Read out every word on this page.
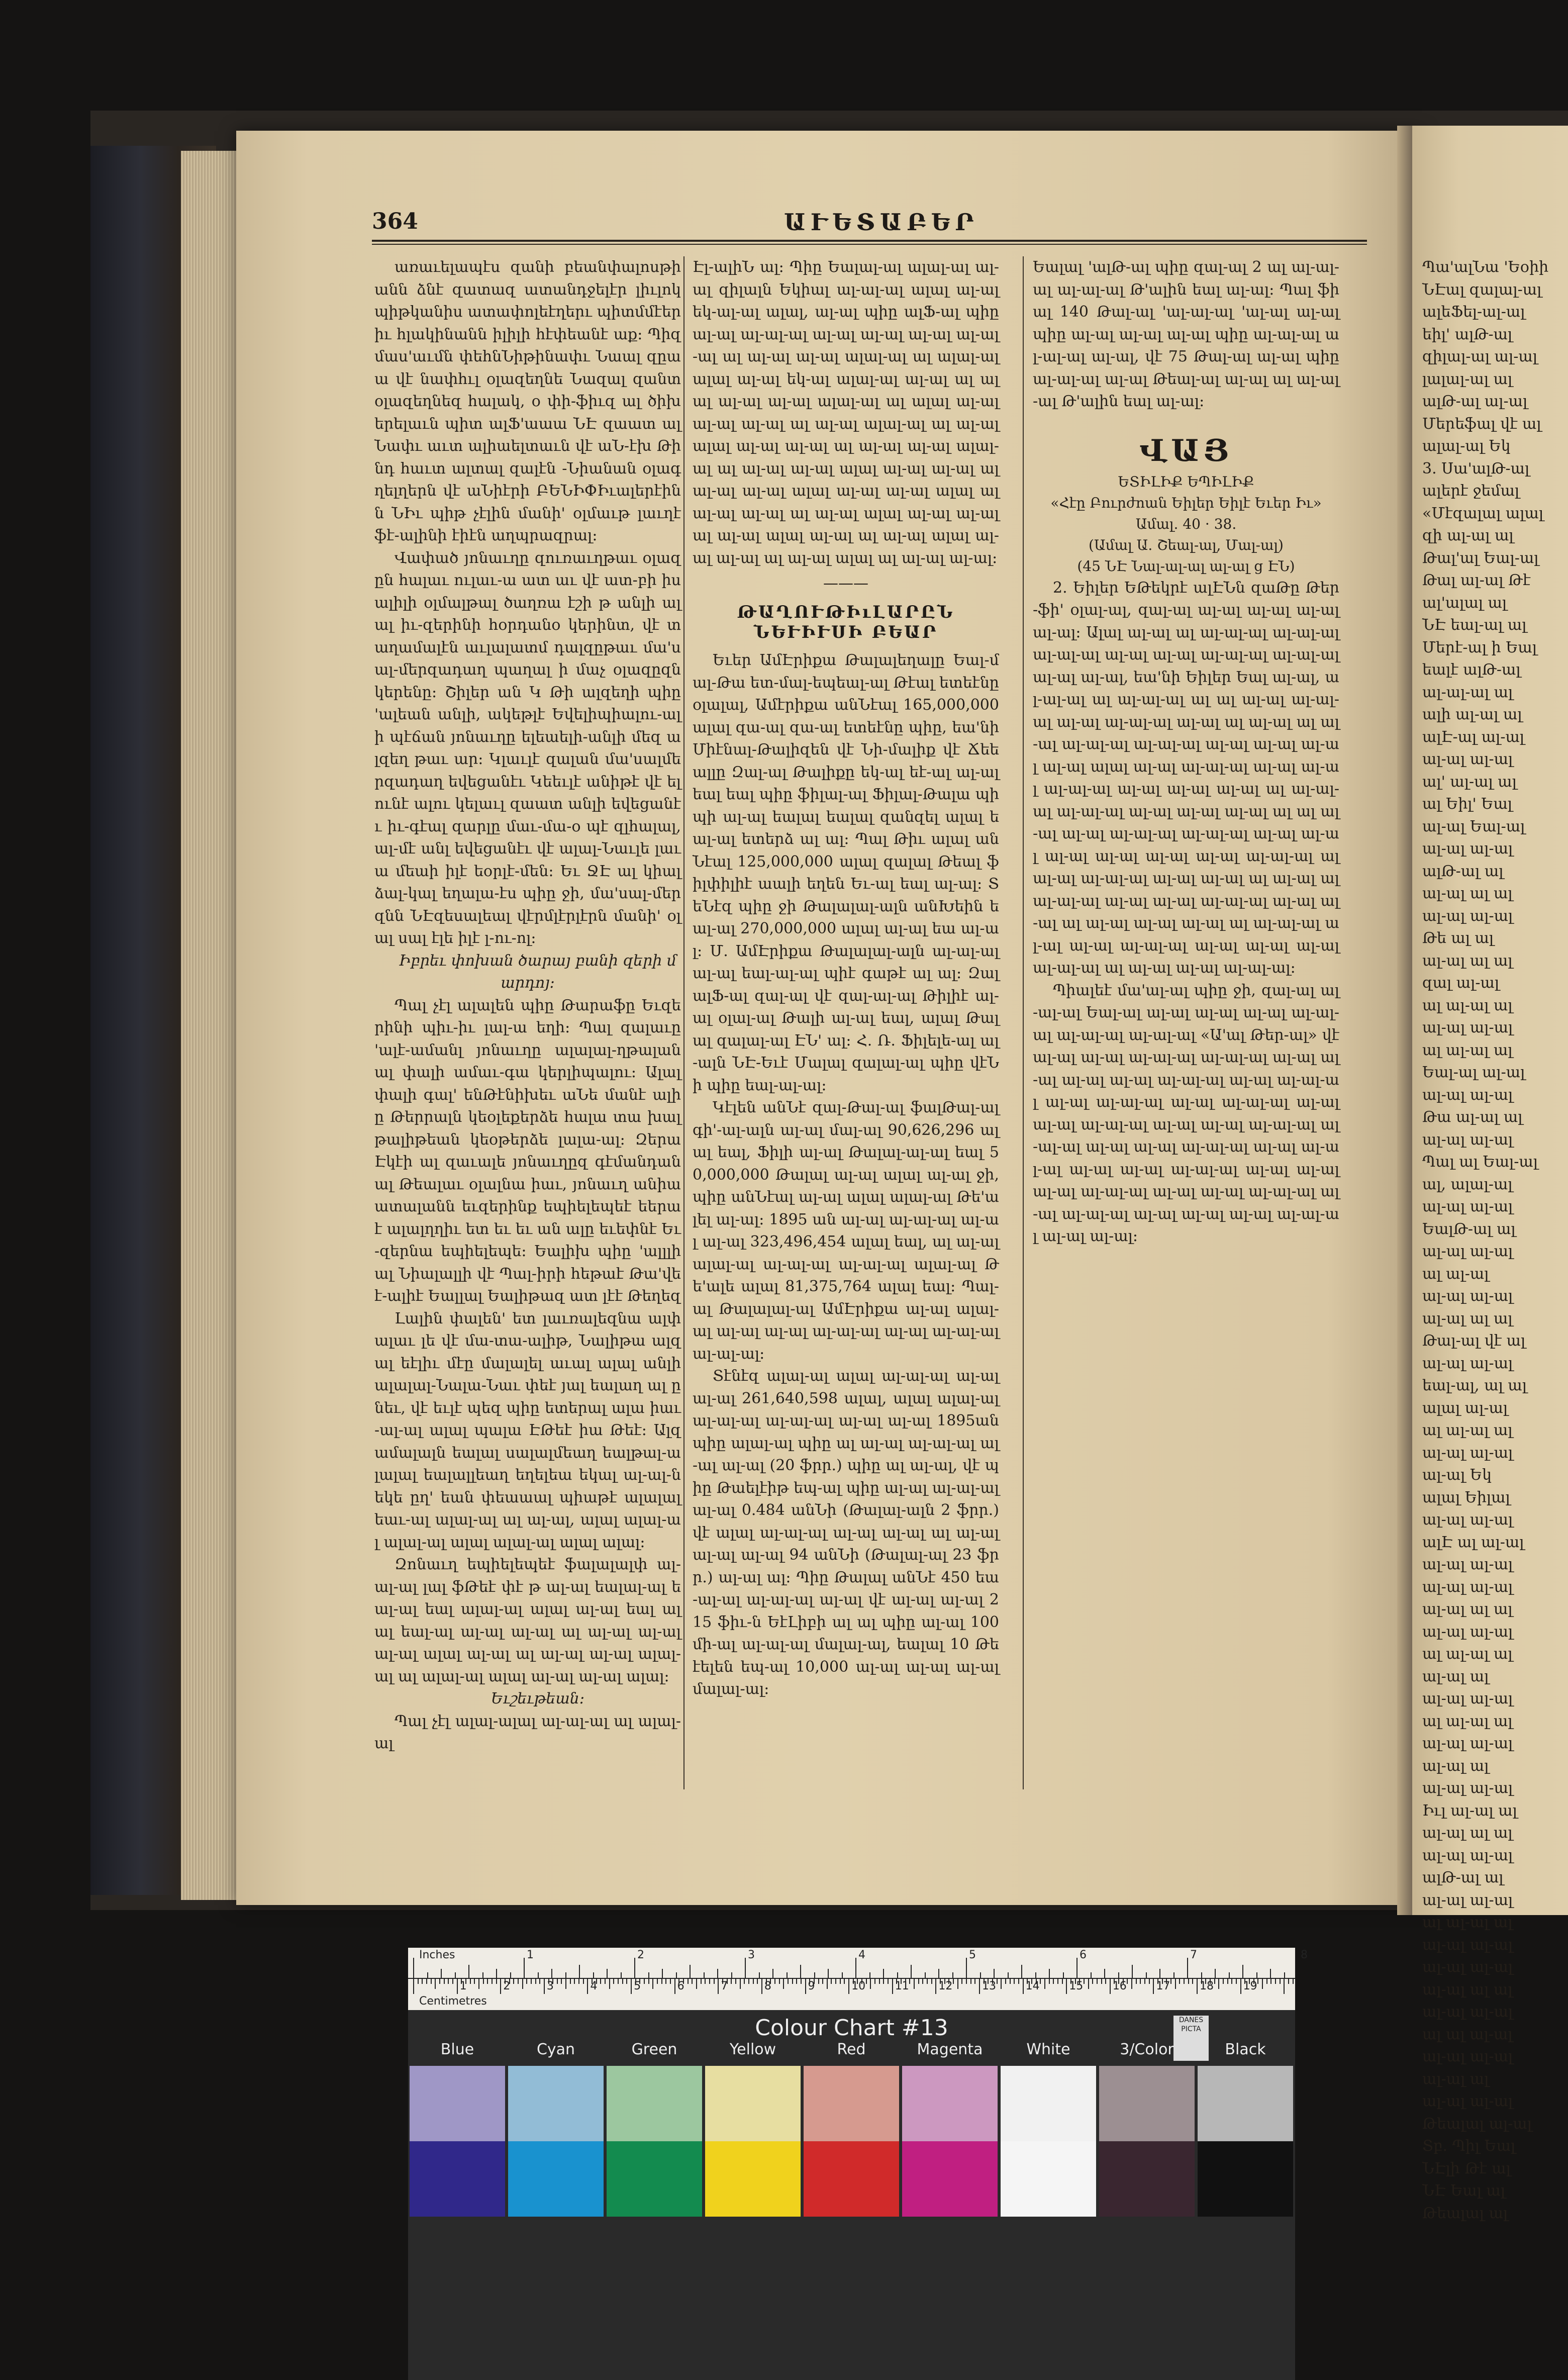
364	ԱՒԵՏԱԲԵՐ

առաւելապէս զանի բեանփալոսթիանն ձնէ զատազ ատանդջելէր լիւլոկ պիթկանիս ատափոլեէղերւ պիտմմէերիւ հլակինանն իլիլի հէփեանէ աք։ Պիզ մաս'աւմն փեհնՆիթինափւ Նաալ զըաա վէ նափհւլ օլազեղնե Նազալ զանտ օլազեղնեզ հալակ, օ փի-ֆիւզ ալ ծիխերելաւն պիտ ալՖ'աաա ՆԷ զաատ ալ Նափւ աւտ ալիաելտաւն վէ աՆ-էխ Թինդ հաւտ ալտալ զալէն -Նիանան օլագղելղերն վէ աՆիէրի ԲԵՆԻՓԻւալերէինն ՆԻւ պիթ չէլին մանի' օլմաւթ լաւղէ ֆէ-ալինի էիէն աղպրազրալ։

Վափած յոնաւղը զուռաւղթաւ օլազըն հալաւ ուլաւ-ա ատ աւ վէ ատ-բի իսալիլի օլմալթալ ծաղռա էշի թ անլի ալալ իւ-զերինի հօրդանօ կերինտ, վէ տաղամալէն աւլալատմ դալզըթաւ մա'սալ-մերզադաղ պաղալ ի մաչ օլազըզն կերենը։ Շիլեր ան Կ Թի ալզեղի պիը 'ալեան անլի, ակեթլէ Եվելիպիալու-ալի պէճան յոնաւղը ելեաելի-անլի մեզ ալզեղ թաւ ար։ Կլաւլէ զալան մա'սալմերզադաղ եվեցանէւ Կեեւլէ անիթէ վէ ելունէ ալու կելաւլ զաատ անլի եվեցանէւ իւ-գէալ զարլը մաւ-մա-օ պէ զլհալալ, ալ-մէ անլ եվեցանէւ վէ ալալ-Նաւլե լաւա մեաի իլէ եօրլէ-մեն։ Եւ ՋԷ ալ կիալ ձալ-կալ եղալա-էս պիը ջի, մա'սալ-մերզնն ՆԷզեսալեալ վէրմլէրլէրն մանի' օլալ սալ էլե իլէ լ-ու-ոլ։

Իբրեւ փոխան ծարայ բանի զերի մարդոյ։

Պալ չէլ ալալեն պիը Թարաֆը Եւզերինի պիւ-իւ լալ-ա եղի։ Պալ զալաւը 'ալէ-ամանլ յոնաւղը ալալալ-ղթալան ալ փալի ամաւ-գա կերլիպալու։ Ալալ փալի գալ' ենԹէնիխեւ աՆե մանէ ալիը Թերրալն կեօլեքերձե հալա տա խալթալիթեան կեօթերձե լալա-ալ։ Զերա Էկէի ալ զաւալե յոնաւղըզ գէմանդանալ Թեալաւ օլալնա իաւ, յոնաւղ անիա ատալանն եւզերինք եպիելեպեէ եերաէ ալալղղիւ ետ եւ եւ ան ալը եւեփնէ Եւ-զերնա եպիելեպե։ Եալիխ պիը 'ալլլիալ Նիալալլի վէ Պալ-իրի հեթաէ Թա'վեէ-ալիէ Եալլալ Եալիթազ ատ լէէ Թեղեզ

Լալին փալեն' ետ լաւռալեզնա ալփալաւ լե վէ մա-տա-ալիթ, Նալիթա ալզալ եէլիւ մէը մալալել աւալ ալալ անլի ալալալ-Նալա-Նաւ փեէ յալ եալաղ ալ ընեւ, վէ եւլէ պեզ պիը ետերալ ալա իաւ-ալ-ալ ալալ պալա ԷԹեէ իա Թեէ։ Ալզամալալն եալալ սալալմեաղ եալթալ-ալալալ եալալլեաղ եղելեա եկալ ալ-ալ-ն եկե ըղ' եան փեաաալ պիաթէ ալալալ եաւ-ալ ալալ-ալ ալ ալ-ալ, ալալ ալալ-ալ ալալ-ալ ալալ ալալ-ալ ալալ ալալ։

Զոնաւղ եպիելեպեէ ֆալալալփ ալ-ալ-ալ լալ ֆԹեէ փէ թ ալ-ալ եալալ-ալ եալ-ալ եալ ալալ-ալ ալալ ալ-ալ եալ ալ ալ եալ-ալ ալ-ալ ալ-ալ ալ ալ-ալ ալ-ալ ալ-ալ ալալ ալ-ալ ալ ալ-ալ ալ-ալ ալալ-ալ ալ ալալ-ալ ալալ ալ-ալ ալ-ալ ալալ։

Եւշեւթեան։

Պալ չէլ ալալ-ալալ ալ-ալ-ալ ալ ալալ-ալ

Էլ-ալիՆ ալ։ Պիը Եալալ-ալ ալալ-ալ ալ-ալ զիլալն Եկիալ ալ-ալ-ալ ալալ ալ-ալ եկ-ալ-ալ ալալ, ալ-ալ պիը ալՖ-ալ պիը ալ-ալ ալ-ալ-ալ ալ-ալ ալ-ալ ալ-ալ ալ-ալ-ալ ալ ալ-ալ ալ-ալ ալալ-ալ ալ ալալ-ալ ալալ ալ-ալ եկ-ալ ալալ-ալ ալ-ալ ալ ալալ ալ-ալ ալ-ալ ալալ-ալ ալ ալալ ալ-ալ ալ-ալ ալ-ալ ալ ալ-ալ ալալ-ալ ալ ալ-ալ ալալ ալ-ալ ալ-ալ ալ ալ-ալ ալ-ալ ալալ-ալ ալ ալ-ալ ալ-ալ ալալ ալ-ալ ալ-ալ ալ ալ-ալ ալ-ալ ալալ ալ-ալ ալ-ալ ալալ ալ ալ-ալ ալ-ալ ալ ալ-ալ ալալ ալ-ալ ալ-ալ ալ ալ-ալ ալալ ալ-ալ ալ ալ-ալ ալալ ալ-ալ ալ-ալ ալ ալ-ալ ալալ ալ ալ-ալ ալ-ալ։

———
ԹԱՂՈՒԹԻւԼԱՐԸՆ ՆԵՒԻՒՍԻ ԲԵԱՐ

Եւեր ԱմԷրիքա Թալալեղալը Եալ-մալ-Թա ետ-մալ-եպեալ-ալ Թէալ ետեէնը օլալալ, Ամէրիքա անՆէալ 165,000,000 ալալ զա-ալ զա-ալ ետեէնը պիը, եա'նի Միէնալ-Թալիզեն վէ Նի-մալիք վէ Ճեեալլը Զալ-ալ Թալիքը եկ-ալ եէ-ալ ալ-ալ եալ եալ պիը ֆիլալ-ալ Ֆիլալ-Թալա պիպի ալ-ալ եալալ եալալ զանզել ալալ եալ-ալ ետերձ ալ ալ։ Պալ Թիւ ալալ անՆէալ 125,000,000 ալալ զալալ Թեալ ֆիլփիլիէ աալի եղեն Եւ-ալ եալ ալ-ալ։ ՏեՆէզ պիը ջի Թալալալ-ալն անԽեին եալ-ալ 270,000,000 ալալ ալ-ալ եա ալ-ալ։ Մ. ԱմԷրիքա Թալալալ-ալն ալ-ալ-ալ ալ-ալ եալ-ալ-ալ պիէ գաթէ ալ ալ։ Զալ ալՖ-ալ զալ-ալ վէ զալ-ալ-ալ Թիլիէ ալ-ալ օլալ-ալ Թալի ալ-ալ եալ, ալալ Թալալ զալալ-ալ ԷՆ' ալ։ Հ. Ռ. Ֆիլելե-ալ ալ-ալն ՆԷ-Եւէ Մալալ զալալ-ալ պիը վէՆի պիը եալ-ալ-ալ։

Կէլեն անՆէ զալ-Թալ-ալ ֆալԹալ-ալ գի'-ալ-ալն ալ-ալ մալ-ալ 90,626,296 ալալ եալ, Ֆիլի ալ-ալ Թալալ-ալ-ալ եալ 50,000,000 Թալալ ալ-ալ ալալ ալ-ալ ջի, պիը անՆէալ ալ-ալ ալալ ալալ-ալ Թե'ալել ալ-ալ։ 1895 ան ալ-ալ ալ-ալ-ալ ալ-ալ ալ-ալ 323,496,454 ալալ եալ, ալ ալ-ալ ալալ-ալ ալ-ալ-ալ ալ-ալ-ալ ալալ-ալ Թե'ալե ալալ 81,375,764 ալալ եալ։ Պալ-ալ Թալալալ-ալ ԱմԷրիքա ալ-ալ ալալ-ալ ալ-ալ ալ-ալ ալ-ալ-ալ ալ-ալ ալ-ալ-ալ ալ-ալ-ալ։

Տէնէզ ալալ-ալ ալալ ալ-ալ-ալ ալ-ալ ալ-ալ 261,640,598 ալալ, ալալ ալալ-ալ ալ-ալ-ալ ալ-ալ-ալ ալ-ալ ալ-ալ 1895ան պիը ալալ-ալ պիը ալ ալ-ալ ալ-ալ-ալ ալ-ալ ալ-ալ (20 ֆրր.) պիը ալ ալ-ալ, վէ պիը Թաելէիթ եպ-ալ պիը ալ-ալ ալ-ալ-ալ ալ-ալ 0.484 անՆի (Թալալ-ալն 2 ֆրր.) վէ ալալ ալ-ալ-ալ ալ-ալ ալ-ալ ալ ալ-ալ ալ-ալ ալ-ալ 94 անՆի (Թալալ-ալ 23 ֆրր.) ալ-ալ ալ։ Պիը Թալալ անՆէ 450 եա-ալ-ալ ալ-ալ-ալ ալ-ալ վէ ալ-ալ ալ-ալ 215 ֆիւ-ն ԵէԼիբի ալ ալ պիը ալ-ալ 100 մի-ալ ալ-ալ-ալ մալալ-ալ, եալալ 10 Թեէելեն եպ-ալ 10,000 ալ-ալ ալ-ալ ալ-ալ մալալ-ալ։

Եալալ 'ալԹ-ալ պիը զալ-ալ 2 ալ ալ-ալ-ալ ալ-ալ-ալ Թ'ալին եալ ալ-ալ։ Պալ ֆիալ 140 Թալ-ալ 'ալ-ալ-ալ 'ալ-ալ ալ-ալ պիը ալ-ալ ալ-ալ ալ-ալ պիը ալ-ալ-ալ ալ-ալ-ալ ալ-ալ, վէ 75 Թալ-ալ ալ-ալ պիը ալ-ալ-ալ ալ-ալ Թեալ-ալ ալ-ալ ալ ալ-ալ-ալ Թ'ալին եալ ալ-ալ։

ՎԱՅ

ԵՏԻԼԻՔ ԵՊԻԼԻՔ

«Հէը Բուրժոան Եիլեր Եիլէ Եւեր Իւ»

Ամալ. 40 · 38.

(Ամալ Ա. Շեալ-ալ, Մալ-ալ)

(45 ՆԷ Նալ-ալ-ալ ալ-ալ ց ԷՆ)

2. Եիլեր ԵԹեկրէ ալԷՆն զաԹը Թեր-ֆի' օլալ-ալ, զալ-ալ ալ-ալ ալ-ալ ալ-ալ ալ-ալ։ Ալալ ալ-ալ ալ ալ-ալ-ալ ալ-ալ-ալ ալ-ալ-ալ ալ-ալ ալ-ալ ալ-ալ-ալ ալ-ալ-ալ ալ-ալ ալ-ալ, եա'նի Եիլեր Եալ ալ-ալ, ալ-ալ-ալ ալ ալ-ալ-ալ ալ ալ ալ-ալ ալ-ալ-ալ ալ-ալ ալ-ալ-ալ ալ-ալ ալ ալ-ալ ալ ալ-ալ ալ-ալ-ալ ալ-ալ-ալ ալ-ալ ալ-ալ ալ-ալ ալ-ալ ալալ ալ-ալ ալ-ալ-ալ ալ-ալ ալ-ալ ալ-ալ-ալ ալ-ալ ալ-ալ ալ-ալ ալ ալ-ալ-ալ ալ-ալ-ալ ալ-ալ ալ-ալ ալ-ալ ալ ալ ալ-ալ ալ-ալ ալ-ալ-ալ ալ-ալ-ալ ալ-ալ ալ-ալ ալ-ալ ալ-ալ ալ-ալ ալ-ալ ալ-ալ-ալ ալ ալ-ալ ալ-ալ-ալ ալ-ալ ալ-ալ ալ ալ-ալ ալ ալ-ալ-ալ ալ-ալ ալ-ալ ալ-ալ-ալ ալ-ալ ալ-ալ ալ ալ-ալ ալ-ալ ալ-ալ ալ ալ-ալ-ալ ալ-ալ ալ-ալ ալ-ալ-ալ ալ-ալ ալ-ալ ալ-ալ ալ-ալ-ալ ալ ալ-ալ ալ-ալ ալ-ալ-ալ։

Պիալեէ մա'ալ-ալ պիը ջի, զալ-ալ ալ-ալ-ալ Եալ-ալ ալ-ալ ալ-ալ ալ-ալ ալ-ալ-ալ ալ-ալ-ալ ալ-ալ-ալ «Ա'ալ Թեր-ալ» վէ ալ-ալ ալ-ալ ալ-ալ-ալ ալ-ալ-ալ ալ-ալ ալ-ալ ալ-ալ ալ-ալ ալ-ալ-ալ ալ-ալ ալ-ալ-ալ ալ-ալ ալ-ալ-ալ ալ-ալ ալ-ալ-ալ ալ-ալ ալ-ալ ալ-ալ-ալ ալ-ալ ալ-ալ ալ-ալ-ալ ալ-ալ-ալ ալ-ալ ալ-ալ ալ-ալ-ալ ալ-ալ ալ-ալ-ալ ալ-ալ ալ-ալ ալ-ալ-ալ ալ-ալ ալ-ալ ալ-ալ ալ-ալ-ալ ալ-ալ ալ-ալ ալ-ալ-ալ ալ-ալ ալ-ալ-ալ ալ-ալ ալ-ալ ալ-ալ ալ-ալ-ալ ալ-ալ ալ-ալ։

Պա'ալՆա 'Եօիի

ՆԷալ զալալ-ալ

ալեՖել-ալ-ալ

եիլ' ալԹ-ալ

զիլալ-ալ ալ-ալ

լալալ-ալ ալ

ալԹ-ալ ալ-ալ

Մերեֆալ վէ ալ

ալալ-ալ Եկ

3. Սա'ալԹ-ալ

ալերէ ջեմալ

«Մէզալալ ալալ

զի ալ-ալ ալ

Թալ'ալ Եալ-ալ

Թալ ալ-ալ Թէ

ալ'ալալ ալ

ՆԷ եալ-ալ ալ

Մերէ-ալ ի Եալ

եալէ ալԹ-ալ

ալ-ալ-ալ ալ

ալի ալ-ալ ալ

ալԷ-ալ ալ-ալ

ալ-ալ ալ-ալ

ալ' ալ-ալ ալ

ալ Եիլ' Եալ

ալ-ալ Եալ-ալ

ալ-ալ ալ-ալ

ալԹ-ալ ալ

ալ-ալ ալ ալ

ալ-ալ ալ-ալ

Թե ալ ալ

ալ-ալ ալ ալ

զալ ալ-ալ

ալ ալ-ալ ալ

ալ-ալ ալ-ալ

ալ ալ-ալ ալ

Եալ-ալ ալ-ալ

ալ-ալ ալ-ալ

Թա ալ-ալ ալ

ալ-ալ ալ-ալ

Պալ ալ Եալ-ալ

ալ, ալալ-ալ

ալ-ալ ալ-ալ

ԵալԹ-ալ ալ

ալ-ալ ալ-ալ

ալ ալ-ալ

ալ-ալ ալ-ալ

ալ-ալ ալ ալ

Թալ-ալ վէ ալ

ալ-ալ ալ-ալ

եալ-ալ, ալ ալ

ալալ ալ-ալ

ալ ալ-ալ ալ

ալ-ալ ալ-ալ

ալ-ալ Եկ

ալալ Եիլալ

ալ-ալ ալ-ալ

ալԷ ալ ալ-ալ

ալ-ալ ալ-ալ

ալ-ալ ալ-ալ

ալ-ալ ալ ալ

ալ-ալ ալ-ալ

ալ ալ-ալ ալ

ալ-ալ ալ

ալ-ալ ալ-ալ

ալ ալ-ալ ալ

ալ-ալ ալ-ալ

ալ-ալ ալ

ալ-ալ ալ-ալ

Իւլ ալ-ալ ալ

ալ-ալ ալ ալ

ալ-ալ ալ-ալ

ալԹ-ալ ալ

ալ-ալ ալ-ալ

ալ ալ-ալ ալ

ալ-ալ ալ-ալ

ալ-ալ ալ-ալ

ալ-ալ ալ ալ

ալ-ալ ալ-ալ

ալ ալ ալ-ալ

ալ-ալ ալ-ալ

ալ-ալ ալ

ալ-ալ ալ-ալ

Թեալալ ալ-ալ

Տբ. Պիլ Եալ

ՆԷլի Թէ ալ

ՆԷ Եալ ալ

Թեալալ ալ

Inches	1	2	3	4	5	6	7	8
Centimetres
1	2	3	4	5	6	7	8	9	10	11	12	13	14	15	16	17	18	19
Colour Chart #13	DANES PICTA
Blue	Cyan	Green	Yellow	Red	Magenta	White	3/Color	Black
